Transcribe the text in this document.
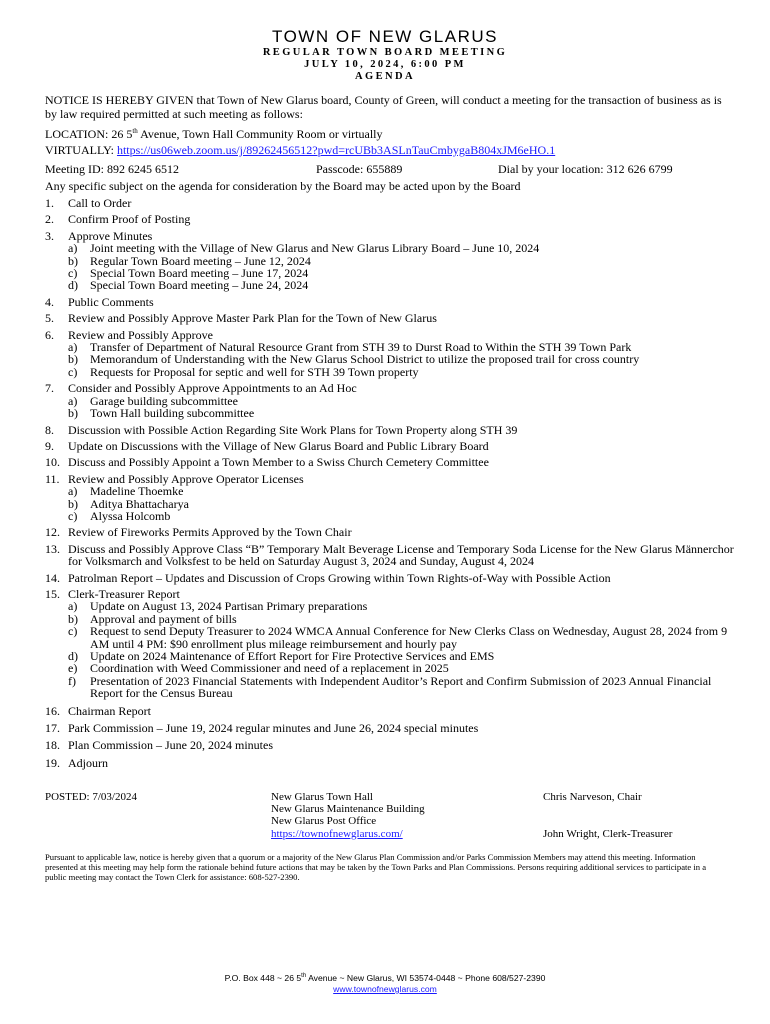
TOWN OF NEW GLARUS
REGULAR TOWN BOARD MEETING
JULY 10, 2024, 6:00 PM
AGENDA
NOTICE IS HEREBY GIVEN that Town of New Glarus board, County of Green, will conduct a meeting for the transaction of business as is by law required permitted at such meeting as follows:
LOCATION: 26 5th Avenue, Town Hall Community Room or virtually
VIRTUALLY: https://us06web.zoom.us/j/89262456512?pwd=rcUBb3ASLnTauCmbygaB804xJM6eHO.1
Meeting ID: 892 6245 6512	Passcode: 655889	Dial by your location: 312 626 6799
Any specific subject on the agenda for consideration by the Board may be acted upon by the Board
1.	Call to Order
2.	Confirm Proof of Posting
3.	Approve Minutes
a)	Joint meeting with the Village of New Glarus and New Glarus Library Board – June 10, 2024
b)	Regular Town Board meeting – June 12, 2024
c)	Special Town Board meeting – June 17, 2024
d)	Special Town Board meeting – June 24, 2024
4.	Public Comments
5.	Review and Possibly Approve Master Park Plan for the Town of New Glarus
6.	Review and Possibly Approve
a)	Transfer of Department of Natural Resource Grant from STH 39 to Durst Road to Within the STH 39 Town Park
b)	Memorandum of Understanding with the New Glarus School District to utilize the proposed trail for cross country
c)	Requests for Proposal for septic and well for STH 39 Town property
7.	Consider and Possibly Approve Appointments to an Ad Hoc
a)	Garage building subcommittee
b)	Town Hall building subcommittee
8.	Discussion with Possible Action Regarding Site Work Plans for Town Property along STH 39
9.	Update on Discussions with the Village of New Glarus Board and Public Library Board
10. Discuss and Possibly Appoint a Town Member to a Swiss Church Cemetery Committee
11. Review and Possibly Approve Operator Licenses
a)	Madeline Thoemke
b)	Aditya Bhattacharya
c)	Alyssa Holcomb
12. Review of Fireworks Permits Approved by the Town Chair
13. Discuss and Possibly Approve Class “B” Temporary Malt Beverage License and Temporary Soda License for the New Glarus Männerchor for Volksmarch and Volksfest to be held on Saturday August 3, 2024 and Sunday, August 4, 2024
14. Patrolman Report – Updates and Discussion of Crops Growing within Town Rights-of-Way with Possible Action
15. Clerk-Treasurer Report
a)	Update on August 13, 2024 Partisan Primary preparations
b)	Approval and payment of bills
c)	Request to send Deputy Treasurer to 2024 WMCA Annual Conference for New Clerks Class on Wednesday, August 28, 2024 from 9 AM until 4 PM: $90 enrollment plus mileage reimbursement and hourly pay
d)	Update on 2024 Maintenance of Effort Report for Fire Protective Services and EMS
e)	Coordination with Weed Commissioner and need of a replacement in 2025
f)	Presentation of 2023 Financial Statements with Independent Auditor’s Report and Confirm Submission of 2023 Annual Financial Report for the Census Bureau
16. Chairman Report
17. Park Commission – June 19, 2024 regular minutes and June 26, 2024 special minutes
18. Plan Commission – June 20, 2024 minutes
19. Adjourn
POSTED: 7/03/2024	New Glarus Town Hall
New Glarus Maintenance Building
New Glarus Post Office
https://townofnewglarus.com/
Chris Narveson, Chair
John Wright, Clerk-Treasurer
Pursuant to applicable law, notice is hereby given that a quorum or a majority of the New Glarus Plan Commission and/or Parks Commission Members may attend this meeting. Information presented at this meeting may help form the rationale behind future actions that may be taken by the Town Parks and Plan Commissions. Persons requiring additional services to participate in a public meeting may contact the Town Clerk for assistance: 608-527-2390.
P.O. Box 448 ~ 26 5th Avenue ~ New Glarus, WI 53574-0448 ~ Phone 608/527-2390
www.townofnewglarus.com
